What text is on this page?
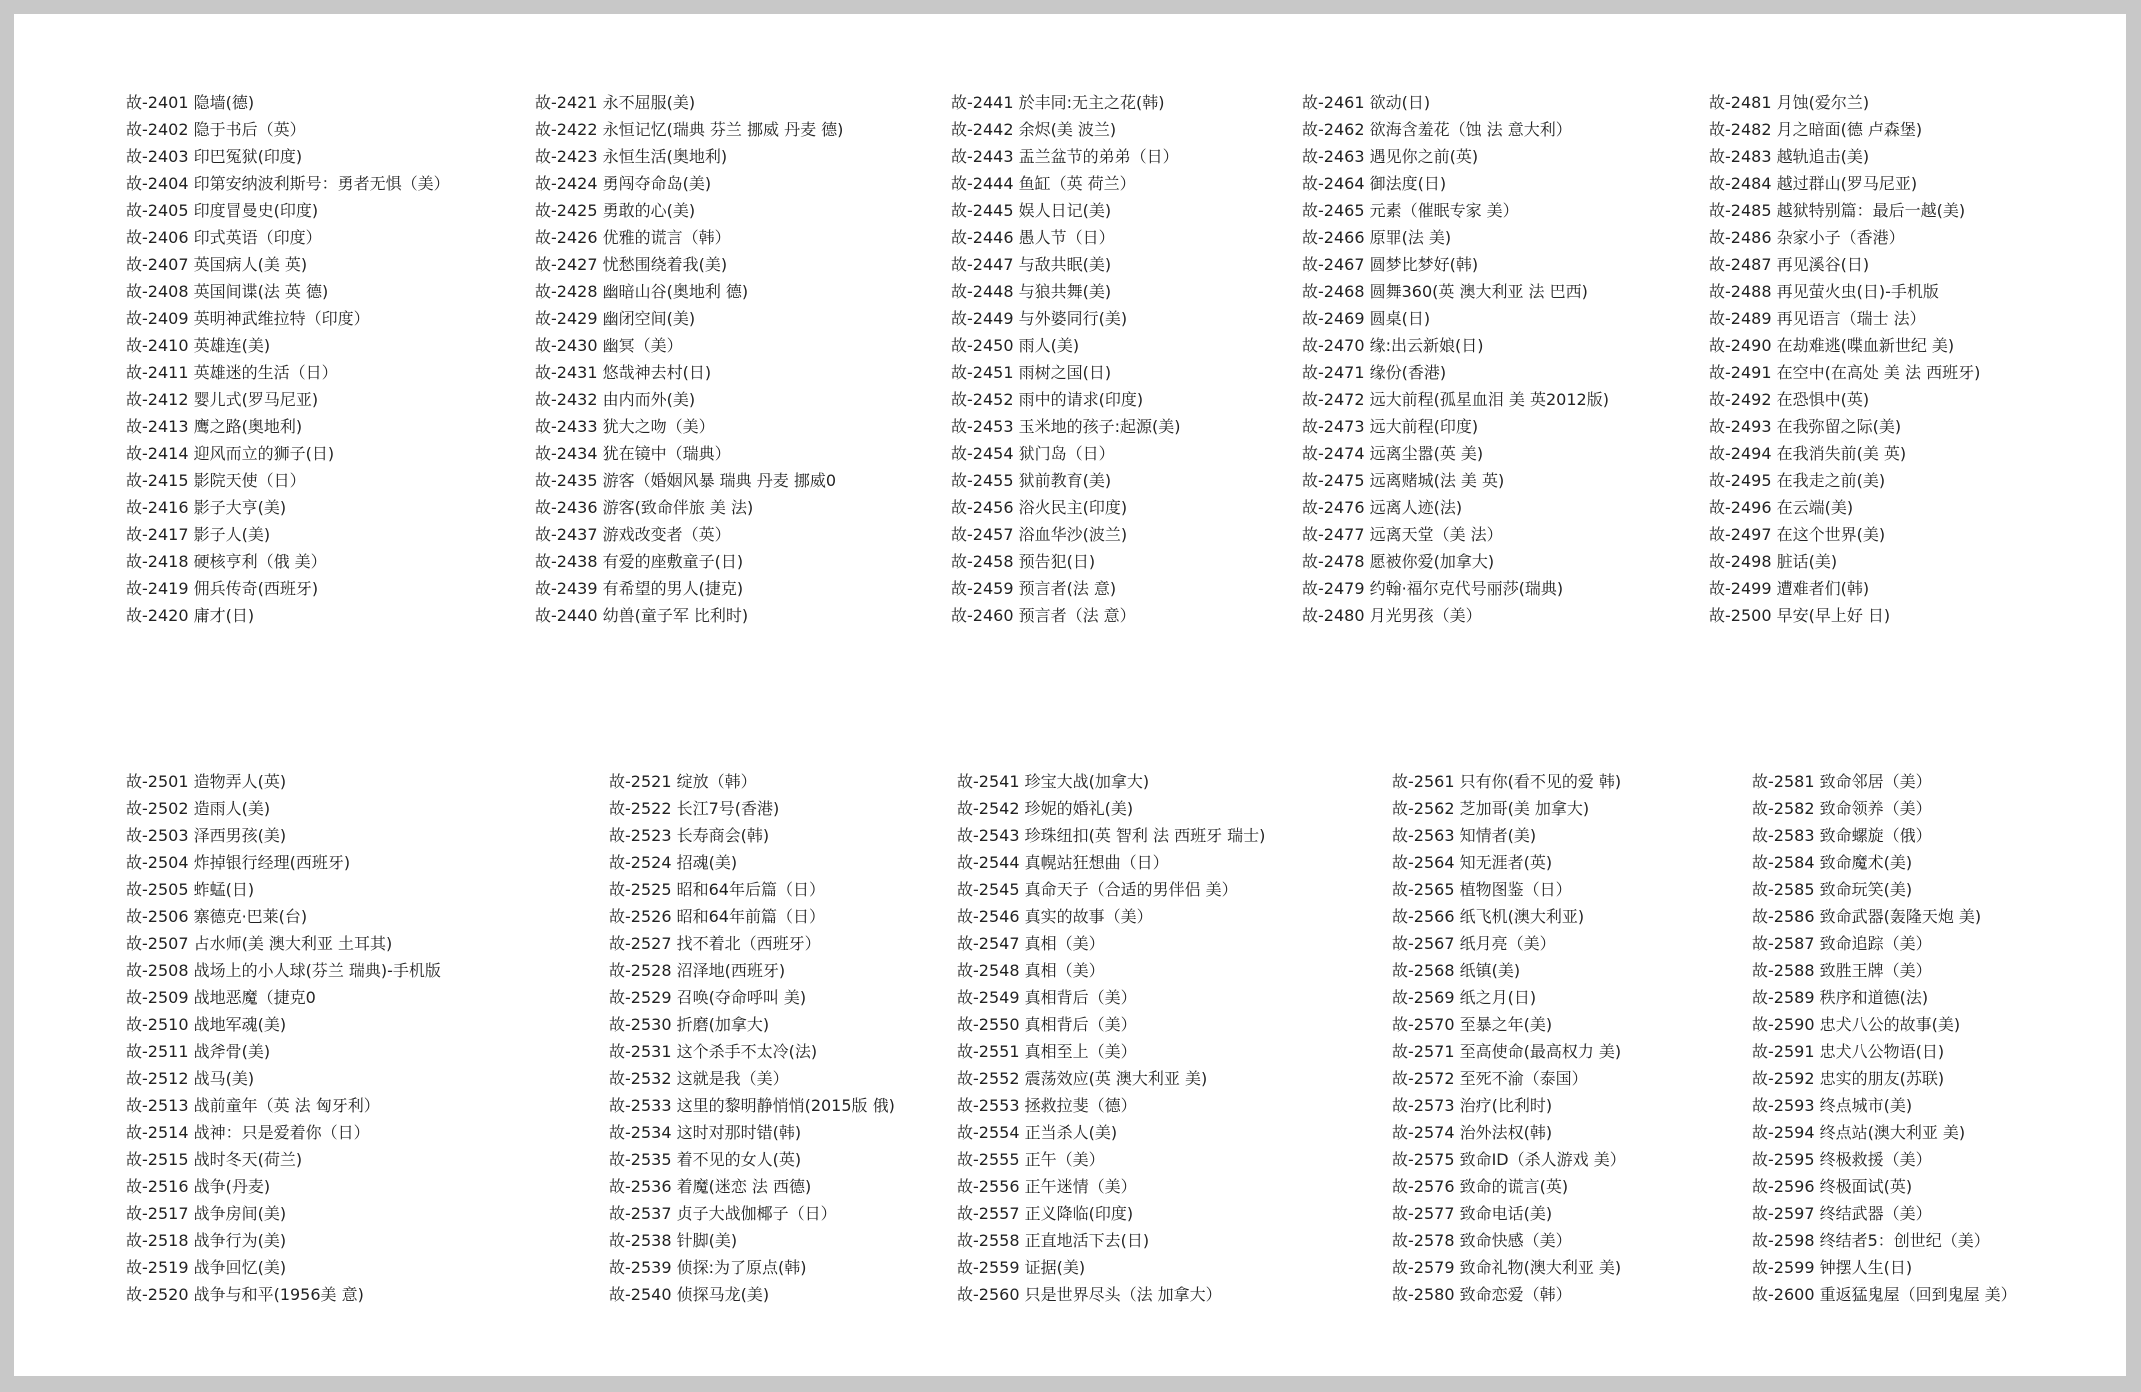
故-2401 隐墙(德)
故-2402 隐于书后（英）
故-2403 印巴冤狱(印度)
故-2404 印第安纳波利斯号：勇者无惧（美）
故-2405 印度冒曼史(印度)
故-2406 印式英语（印度）
故-2407 英国病人(美 英)
故-2408 英国间谍(法 英 德)
故-2409 英明神武维拉特（印度）
故-2410 英雄连(美)
故-2411 英雄迷的生活（日）
故-2412 婴儿式(罗马尼亚)
故-2413 鹰之路(奥地利)
故-2414 迎风而立的狮子(日)
故-2415 影院天使（日）
故-2416 影子大亨(美)
故-2417 影子人(美)
故-2418 硬核亨利（俄 美）
故-2419 佣兵传奇(西班牙)
故-2420 庸才(日)
故-2421 永不屈服(美)
故-2422 永恒记忆(瑞典 芬兰 挪威 丹麦 德)
故-2423 永恒生活(奥地利)
故-2424 勇闯夺命岛(美)
故-2425 勇敢的心(美)
故-2426 优雅的谎言（韩）
故-2427 忧愁围绕着我(美)
故-2428 幽暗山谷(奥地利 德)
故-2429 幽闭空间(美)
故-2430 幽冥（美）
故-2431 悠哉神去村(日)
故-2432 由内而外(美)
故-2433 犹大之吻（美）
故-2434 犹在镜中（瑞典）
故-2435 游客（婚姻风暴 瑞典 丹麦 挪威0
故-2436 游客(致命伴旅 美 法)
故-2437 游戏改变者（英）
故-2438 有爱的座敷童子(日)
故-2439 有希望的男人(捷克)
故-2440 幼兽(童子军 比利时)
故-2441 於丰同:无主之花(韩)
故-2442 余烬(美 波兰)
故-2443 盂兰盆节的弟弟（日）
故-2444 鱼缸（英 荷兰）
故-2445 娱人日记(美)
故-2446 愚人节（日）
故-2447 与敌共眠(美)
故-2448 与狼共舞(美)
故-2449 与外婆同行(美)
故-2450 雨人(美)
故-2451 雨树之国(日)
故-2452 雨中的请求(印度)
故-2453 玉米地的孩子:起源(美)
故-2454 狱门岛（日）
故-2455 狱前教育(美)
故-2456 浴火民主(印度)
故-2457 浴血华沙(波兰)
故-2458 预告犯(日)
故-2459 预言者(法 意)
故-2460 预言者（法 意）
故-2461 欲动(日)
故-2462 欲海含羞花（蚀 法 意大利）
故-2463 遇见你之前(英)
故-2464 御法度(日)
故-2465 元素（催眠专家 美）
故-2466 原罪(法 美)
故-2467 圆梦比梦好(韩)
故-2468 圆舞360(英 澳大利亚 法 巴西)
故-2469 圆桌(日)
故-2470 缘:出云新娘(日)
故-2471 缘份(香港)
故-2472 远大前程(孤星血泪 美 英2012版)
故-2473 远大前程(印度)
故-2474 远离尘嚣(英 美)
故-2475 远离赌城(法 美 英)
故-2476 远离人迹(法)
故-2477 远离天堂（美 法）
故-2478 愿被你爱(加拿大)
故-2479 约翰·福尔克代号丽莎(瑞典)
故-2480 月光男孩（美）
故-2481 月蚀(爱尔兰)
故-2482 月之暗面(德 卢森堡)
故-2483 越轨追击(美)
故-2484 越过群山(罗马尼亚)
故-2485 越狱特别篇：最后一越(美)
故-2486 杂家小子（香港）
故-2487 再见溪谷(日)
故-2488 再见萤火虫(日)-手机版
故-2489 再见语言（瑞士 法）
故-2490 在劫难逃(喋血新世纪 美)
故-2491 在空中(在高处 美 法 西班牙)
故-2492 在恐惧中(英)
故-2493 在我弥留之际(美)
故-2494 在我消失前(美 英)
故-2495 在我走之前(美)
故-2496 在云端(美)
故-2497 在这个世界(美)
故-2498 脏话(美)
故-2499 遭难者们(韩)
故-2500 早安(早上好 日)
故-2501 造物弄人(英)
故-2502 造雨人(美)
故-2503 泽西男孩(美)
故-2504 炸掉银行经理(西班牙)
故-2505 蚱蜢(日)
故-2506 寨德克·巴莱(台)
故-2507 占水师(美 澳大利亚 土耳其)
故-2508 战场上的小人球(芬兰 瑞典)-手机版
故-2509 战地恶魔（捷克0
故-2510 战地军魂(美)
故-2511 战斧骨(美)
故-2512 战马(美)
故-2513 战前童年（英 法 匈牙利）
故-2514 战神：只是爱着你（日）
故-2515 战时冬天(荷兰)
故-2516 战争(丹麦)
故-2517 战争房间(美)
故-2518 战争行为(美)
故-2519 战争回忆(美)
故-2520 战争与和平(1956美 意)
故-2521 绽放（韩）
故-2522 长江7号(香港)
故-2523 长寿商会(韩)
故-2524 招魂(美)
故-2525 昭和64年后篇（日）
故-2526 昭和64年前篇（日）
故-2527 找不着北（西班牙）
故-2528 沼泽地(西班牙)
故-2529 召唤(夺命呼叫 美)
故-2530 折磨(加拿大)
故-2531 这个杀手不太冷(法)
故-2532 这就是我（美）
故-2533 这里的黎明静悄悄(2015版 俄)
故-2534 这时对那时错(韩)
故-2535 着不见的女人(英)
故-2536 着魔(迷恋 法 西德)
故-2537 贞子大战伽椰子（日）
故-2538 针脚(美)
故-2539 侦探:为了原点(韩)
故-2540 侦探马龙(美)
故-2541 珍宝大战(加拿大)
故-2542 珍妮的婚礼(美)
故-2543 珍珠纽扣(英 智利 法 西班牙 瑞士)
故-2544 真幌站狂想曲（日）
故-2545 真命天子（合适的男伴侣 美）
故-2546 真实的故事（美）
故-2547 真相（美）
故-2548 真相（美）
故-2549 真相背后（美）
故-2550 真相背后（美）
故-2551 真相至上（美）
故-2552 震荡效应(英 澳大利亚 美)
故-2553 拯救拉斐（德）
故-2554 正当杀人(美)
故-2555 正午（美）
故-2556 正午迷情（美）
故-2557 正义降临(印度)
故-2558 正直地活下去(日)
故-2559 证据(美)
故-2560 只是世界尽头（法 加拿大）
故-2561 只有你(看不见的爱 韩)
故-2562 芝加哥(美 加拿大)
故-2563 知情者(美)
故-2564 知无涯者(英)
故-2565 植物图鉴（日）
故-2566 纸飞机(澳大利亚)
故-2567 纸月亮（美）
故-2568 纸镇(美)
故-2569 纸之月(日)
故-2570 至暴之年(美)
故-2571 至高使命(最高权力 美)
故-2572 至死不渝（泰国）
故-2573 治疗(比利时)
故-2574 治外法权(韩)
故-2575 致命ID（杀人游戏 美）
故-2576 致命的谎言(英)
故-2577 致命电话(美)
故-2578 致命快感（美）
故-2579 致命礼物(澳大利亚 美)
故-2580 致命恋爱（韩）
故-2581 致命邻居（美）
故-2582 致命领养（美）
故-2583 致命螺旋（俄）
故-2584 致命魔术(美)
故-2585 致命玩笑(美)
故-2586 致命武器(轰隆天炮 美)
故-2587 致命追踪（美）
故-2588 致胜王牌（美）
故-2589 秩序和道德(法)
故-2590 忠犬八公的故事(美)
故-2591 忠犬八公物语(日)
故-2592 忠实的朋友(苏联)
故-2593 终点城市(美)
故-2594 终点站(澳大利亚 美)
故-2595 终极救援（美）
故-2596 终极面试(英)
故-2597 终结武器（美）
故-2598 终结者5：创世纪（美）
故-2599 钟摆人生(日)
故-2600 重返猛鬼屋（回到鬼屋 美）
